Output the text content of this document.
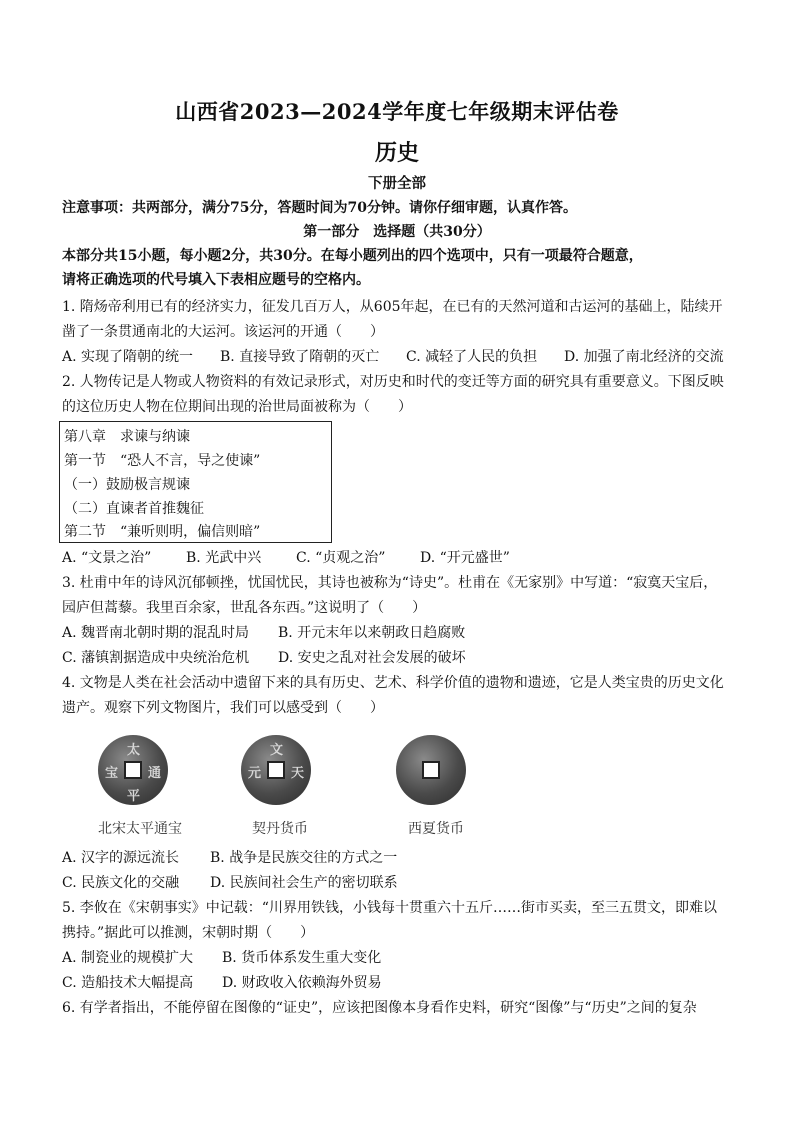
山西省2023—2024学年度七年级期末评估卷
历史
下册全部
注意事项：共两部分，满分75分，答题时间为70分钟。请你仔细审题，认真作答。
第一部分　选择题（共30分）
本部分共15小题，每小题2分，共30分。在每小题列出的四个选项中，只有一项最符合题意，
请将正确选项的代号填入下表相应题号的空格内。
1. 隋炀帝利用已有的经济实力，征发几百万人，从605年起，在已有的天然河道和古运河的基础上，陆续开
凿了一条贯通南北的大运河。该运河的开通（　　）
A. 实现了隋朝的统一 B. 直接导致了隋朝的灭亡 C. 减轻了人民的负担 D. 加强了南北经济的交流
2. 人物传记是人物或人物资料的有效记录形式，对历史和时代的变迁等方面的研究具有重要意义。下图反映
的这位历史人物在位期间出现的治世局面被称为（　　）
第八章　求谏与纳谏
第一节　“恐人不言，导之使谏”
（一）鼓励极言规谏
（二）直谏者首推魏征
第二节　“兼听则明，偏信则暗”
A. “文景之治” B. 光武中兴 C. “贞观之治” D. “开元盛世”
3. 杜甫中年的诗风沉郁顿挫，忧国忧民，其诗也被称为“诗史”。杜甫在《无家别》中写道：“寂寞天宝后，
园庐但蒿藜。我里百余家，世乱各东西。”这说明了（　　）
A. 魏晋南北朝时期的混乱时局 B. 开元末年以来朝政日趋腐败
C. 藩镇割据造成中央统治危机 D. 安史之乱对社会发展的破坏
4. 文物是人类在社会活动中遗留下来的具有历史、艺术、科学价值的遗物和遗迹，它是人类宝贵的历史文化
遗产。观察下列文物图片，我们可以感受到（　　）
太
平
通
宝
文
天
元
北宋太平通宝	契丹货币	西夏货币
A. 汉字的源远流长 B. 战争是民族交往的方式之一
C. 民族文化的交融 D. 民族间社会生产的密切联系
5. 李攸在《宋朝事实》中记载：“川界用铁钱，小钱每十贯重六十五斤……街市买卖，至三五贯文，即难以
携持。”据此可以推测，宋朝时期（　　）
A. 制瓷业的规模扩大 B. 货币体系发生重大变化
C. 造船技术大幅提高 D. 财政收入依赖海外贸易
6. 有学者指出，不能停留在图像的“证史”，应该把图像本身看作史料，研究“图像”与“历史”之间的复杂
